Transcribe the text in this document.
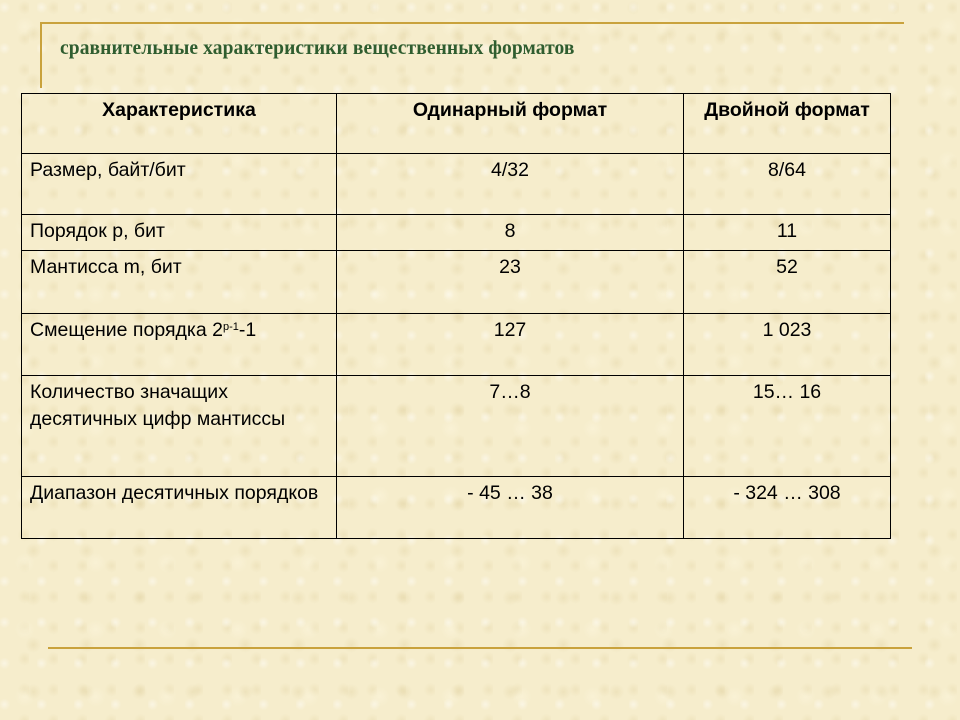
сравнительные характеристики вещественных форматов
Характеристика	Одинарный формат	Двойной формат
Размер, байт/бит	4/32	8/64
Порядок р, бит	8	11
Мантисса m, бит	23	52
Смещение порядка $2^{р-1}-1$	127	1 023
Количество значащих десятичных цифр мантиссы	7…8	15… 16
Диапазон десятичных порядков	- 45 … 38	- 324 … 308
